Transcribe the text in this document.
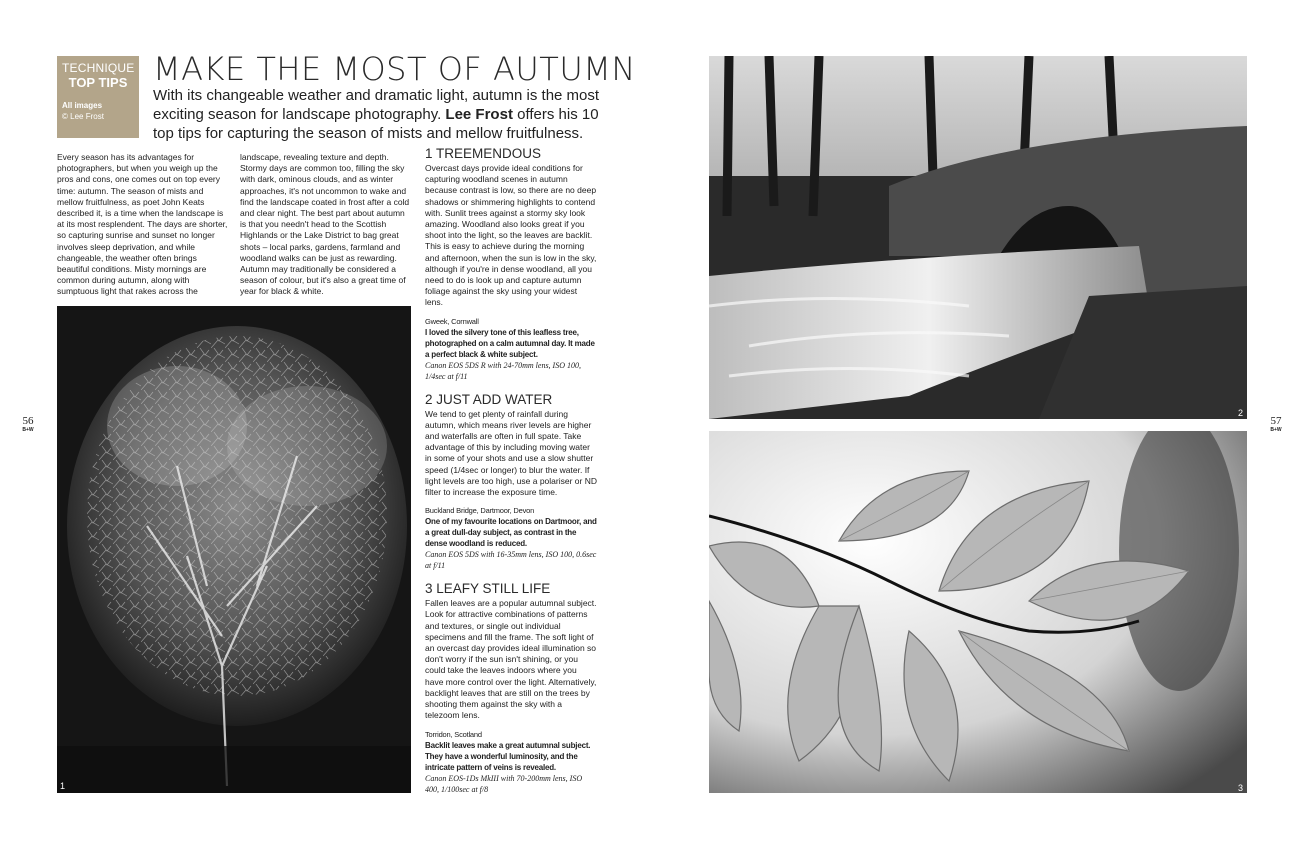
TECHNIQUE
TOP TIPS
All images
© Lee Frost
MAKE THE MOST OF AUTUMN

With its changeable weather and dramatic light, autumn is the most exciting season for landscape photography. Lee Frost offers his 10 top tips for capturing the season of mists and mellow fruitfulness.

Every season has its advantages for photographers, but when you weigh up the pros and cons, one comes out on top every time: autumn. The season of mists and mellow fruitfulness, as poet John Keats described it, is a time when the landscape is at its most resplendent. The days are shorter, so capturing sunrise and sunset no longer involves sleep deprivation, and while changeable, the weather often brings beautiful conditions. Misty mornings are common during autumn, along with sumptuous light that rakes across the

landscape, revealing texture and depth. Stormy days are common too, filling the sky with dark, ominous clouds, and as winter approaches, it's not uncommon to wake and find the landscape coated in frost after a cold and clear night. The best part about autumn is that you needn't head to the Scottish Highlands or the Lake District to bag great shots – local parks, gardens, farmland and woodland walks can be just as rewarding. Autumn may traditionally be considered a season of colour, but it's also a great time of year for black & white.

1 TREEMENDOUS

Overcast days provide ideal conditions for capturing woodland scenes in autumn because contrast is low, so there are no deep shadows or shimmering highlights to contend with. Sunlit trees against a stormy sky look amazing. Woodland also looks great if you shoot into the light, so the leaves are backlit. This is easy to achieve during the morning and afternoon, when the sun is low in the sky, although if you're in dense woodland, all you need to do is look up and capture autumn foliage against the sky using your widest lens.

Gweek, Cornwall

I loved the silvery tone of this leafless tree, photographed on a calm autumnal day. It made a perfect black & white subject.

Canon EOS 5DS R with 24-70mm lens, ISO 100, 1/4sec at f/11

2 JUST ADD WATER

We tend to get plenty of rainfall during autumn, which means river levels are higher and waterfalls are often in full spate. Take advantage of this by including moving water in some of your shots and use a slow shutter speed (1/4sec or longer) to blur the water. If light levels are too high, use a polariser or ND filter to increase the exposure time.

Buckland Bridge, Dartmoor, Devon

One of my favourite locations on Dartmoor, and a great dull-day subject, as contrast in the dense woodland is reduced.

Canon EOS 5DS with 16-35mm lens, ISO 100, 0.6sec at f/11

3 LEAFY STILL LIFE

Fallen leaves are a popular autumnal subject. Look for attractive combinations of patterns and textures, or single out individual specimens and fill the frame. The soft light of an overcast day provides ideal illumination so don't worry if the sun isn't shining, or you could take the leaves indoors where you have more control over the light. Alternatively, backlight leaves that are still on the trees by shooting them against the sky with a telezoom lens.

Torridon, Scotland

Backlit leaves make a great autumnal subject. They have a wonderful luminosity, and the intricate pattern of veins is revealed.

Canon EOS-1Ds MkIII with 70-200mm lens, ISO 400, 1/100sec at f/8

1
56
B+W
2
3
57
B+W
